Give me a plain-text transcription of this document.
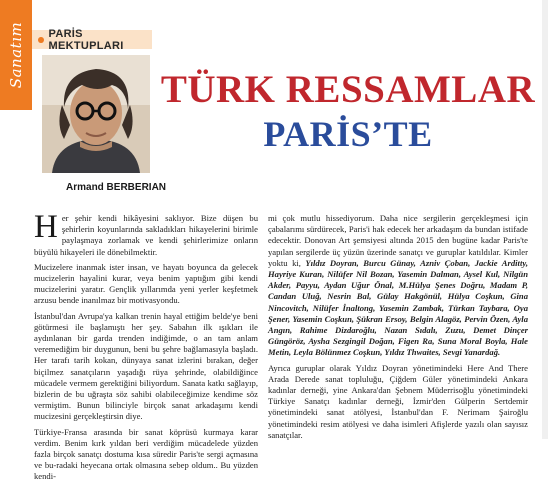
Sanatım PARİS MEKTUPLARI
Armand BERBERIAN
TÜRK RESSAMLAR
PARİS’TE

Her şehir kendi hikâyesini saklıyor. Bize düşen bu şehirlerin koyunlarında sakladıkları hikayelerini birimle paylaşmaya zorlamak ve kendi şehirlerimize onların büyülü hikayeleri ile dönebilmektir.

Mucizelere inanmak ister insan, ve hayatı boyunca da gelecek mucizelerin hayalini kurar, veya benim yaptığım gibi kendi mucizelerini yaratır. Gençlik yıllarımda yeni yerler keşfetmek arzusu bende inanılmaz bir motivasyondu.

İstanbul'dan Avrupa'ya kalkan trenin hayal ettiğim belde'ye beni götürmesi ile başlamıştı her şey. Sabahın ilk ışıkları ile aydınlanan bir garda trenden indiğimde, o an tam anlam veremediğim bir duygunun, beni bu şehre bağlamasıyla başladı. Her tarafı tarih kokan, dünyaya sanat izlerini bırakan, değer biçilmez sanatçıların yaşadığı rüya şehrinde, olabildiğince mücadele vermem gerektiğini biliyordum. Sanata katkı sağlayıp, bizlerin de bu uğraşta söz sahibi olabileceğimize kendime söz vermiştim. Bunun bilinciyle birçok sanat arkadaşımı kendi mucizesini gerçekleştirsin diye.

Türkiye-Fransa arasında bir sanat köprüsü kurmaya karar verdim. Benim kırk yıldan beri verdiğim mücadelede yüzden fazla birçok sanatçı dostuma kısa süredir Paris'te sergi açmasına ve bu-radaki heyecana ortak olmasına sebep oldum.. Bu yüzden kendi-

mi çok mutlu hissediyorum. Daha nice sergilerin gerçekleşmesi için çabalarımı sürdürecek, Paris'i hak edecek her arkadaşım da bundan istifade edecektir. Donovan Art şemsiyesi altında 2015 den bugüne kadar Paris'te yapılan sergilerde üç yüzün üzerinde sanatçı ve guruplar katıldılar. Kimler yoktu ki, Yıldız Doyran, Burcu Günay, Azniv Çoban, Jackie Arditty, Hayriye Kuran, Nilüfer Nil Bozan, Yasemin Dalman, Aysel Kul, Nilgün Akder, Payyu, Aydan Uğur Önal, M.Hülya Şenes Doğru, Madam P, Candan Uluğ, Nesrin Bal, Gülay Hakgönül, Hülya Coşkun, Gina Nincovitch, Nilüfer İnaltong, Yasemin Zambak, Türkan Taybara, Oya Şener, Yasemin Coşkun, Şükran Ersoy, Belgin Alagöz, Pervin Özen, Ayla Angın, Rahime Dizdaroğlu, Nazan Sıdalı, Zuzu, Demet Dinçer Güngöröz, Aysha Sezgingil Doğan, Figen Ra, Suna Moral Boyla, Hale Metin, Leyla Bölünmez Coşkun, Yıldız Thwaites, Sevgi Yanardağ.

Ayrıca guruplar olarak Yıldız Doyran yönetimindeki Here And There Arada Derede sanat topluluğu, Çiğdem Güler yönetimindeki Ankara kadınlar derneği, yine Ankara'dan Şebnem Müderrisoğlu yönetimindeki Türkiye Sanatçı kadınlar derneği, İzmir'den Gülperin Sertdemir yönetimindeki sanat atölyesi, İstanbul'dan F. Nerimam Şairoğlu yönetimindeki resim atölyesi ve daha isimleri Afişlerde yazılı olan sayısız sanatçılar.
